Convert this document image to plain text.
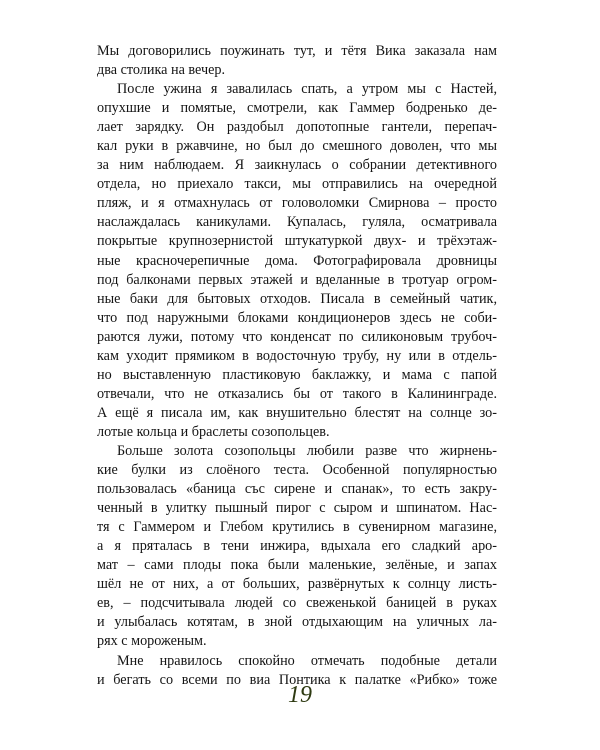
Мы договорились поужинать тут, и тётя Вика заказала нам
два столика на вечер.
После ужина я завалилась спать, а утром мы с Настей,
опухшие и помятые, смотрели, как Гаммер бодренько де-
лает зарядку. Он раздобыл допотопные гантели, перепач-
кал руки в ржавчине, но был до смешного доволен, что мы
за ним наблюдаем. Я заикнулась о собрании детективного
отдела, но приехало такси, мы отправились на очередной
пляж, и я отмахнулась от головоломки Смирнова – просто
наслаждалась каникулами. Купалась, гуляла, осматривала
покрытые крупнозернистой штукатуркой двух- и трёхэтаж-
ные красночерепичные дома. Фотографировала дровницы
под балконами первых этажей и вделанные в тротуар огром-
ные баки для бытовых отходов. Писала в семейный чатик,
что под наружными блоками кондиционеров здесь не соби-
раются лужи, потому что конденсат по силиконовым трубоч-
кам уходит прямиком в водосточную трубу, ну или в отдель-
но выставленную пластиковую баклажку, и мама с папой
отвечали, что не отказались бы от такого в Калининграде.
А ещё я писала им, как внушительно блестят на солнце зо-
лотые кольца и браслеты созопольцев.
Больше золота созопольцы любили разве что жирнень-
кие булки из слоёного теста. Особенной популярностью
пользовалась «баница със сирене и спанак», то есть закру-
ченный в улитку пышный пирог с сыром и шпинатом. Нас-
тя с Гаммером и Глебом крутились в сувенирном магазине,
а я пряталась в тени инжира, вдыхала его сладкий аро-
мат – сами плоды пока были маленькие, зелёные, и запах
шёл не от них, а от больших, развёрнутых к солнцу листь-
ев, – подсчитывала людей со свеженькой баницей в руках
и улыбалась котятам, в зной отдыхающим на уличных ла-
рях с мороженым.
Мне нравилось спокойно отмечать подобные детали
и бегать со всеми по виа Понтика к палатке «Рибко» тоже
19
